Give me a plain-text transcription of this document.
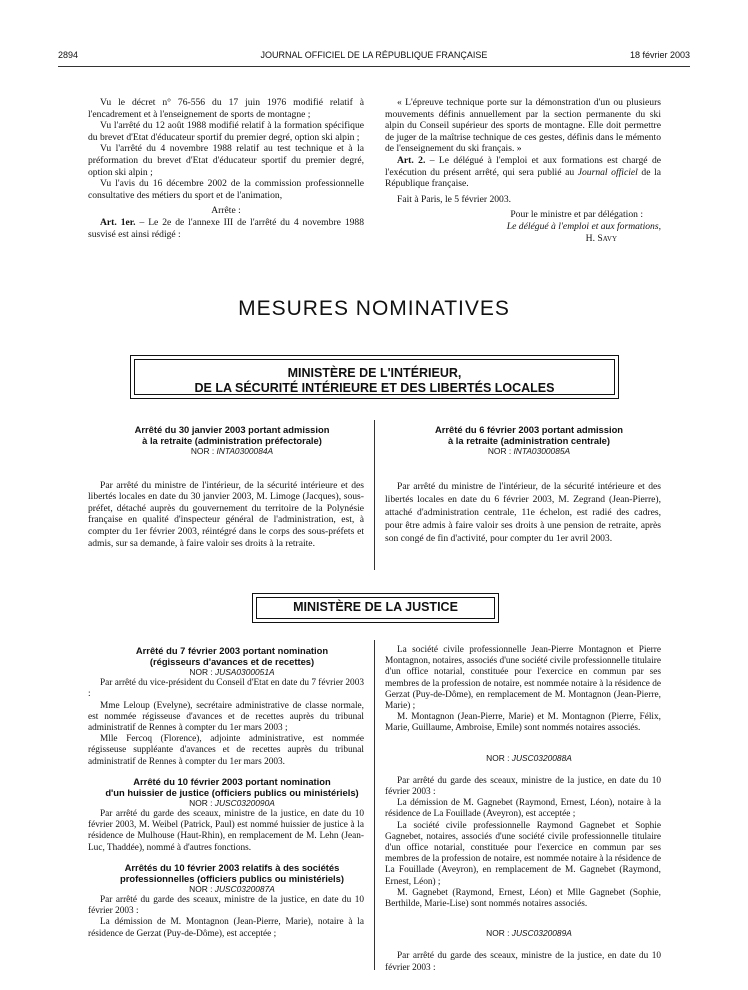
2894	JOURNAL OFFICIEL DE LA RÉPUBLIQUE FRANÇAISE	18 février 2003

Vu le décret n° 76-556 du 17 juin 1976 modifié relatif à l'encadrement et à l'enseignement de sports de montagne ;

Vu l'arrêté du 12 août 1988 modifié relatif à la formation spécifique du brevet d'Etat d'éducateur sportif du premier degré, option ski alpin ;

Vu l'arrêté du 4 novembre 1988 relatif au test technique et à la préformation du brevet d'Etat d'éducateur sportif du premier degré, option ski alpin ;

Vu l'avis du 16 décembre 2002 de la commission professionnelle consultative des métiers du sport et de l'animation,

Arrête :

Art. 1er. – Le 2e de l'annexe III de l'arrêté du 4 novembre 1988 susvisé est ainsi rédigé :

« L'épreuve technique porte sur la démonstration d'un ou plusieurs mouvements définis annuellement par la section permanente du ski alpin du Conseil supérieur des sports de montagne. Elle doit permettre de juger de la maîtrise technique de ces gestes, définis dans le mémento de l'enseignement du ski français. »

Art. 2. – Le délégué à l'emploi et aux formations est chargé de l'exécution du présent arrêté, qui sera publié au Journal officiel de la République française.

Fait à Paris, le 5 février 2003.

Pour le ministre et par délégation :

Le délégué à l'emploi et aux formations,

H. Savy

MESURES NOMINATIVES
MINISTÈRE DE L'INTÉRIEUR,
DE LA SÉCURITÉ INTÉRIEURE ET DES LIBERTÉS LOCALES

Arrêté du 30 janvier 2003 portant admission

à la retraite (administration préfectorale)

NOR : INTA0300084A

Par arrêté du ministre de l'intérieur, de la sécurité intérieure et des libertés locales en date du 30 janvier 2003, M. Limoge (Jacques), sous-préfet, détaché auprès du gouvernement du territoire de la Polynésie française en qualité d'inspecteur général de l'administration, est, à compter du 1er février 2003, réintégré dans le corps des sous-préfets et admis, sur sa demande, à faire valoir ses droits à la retraite.

Arrêté du 6 février 2003 portant admission

à la retraite (administration centrale)

NOR : INTA0300085A

Par arrêté du ministre de l'intérieur, de la sécurité intérieure et des libertés locales en date du 6 février 2003, M. Zegrand (Jean-Pierre), attaché d'administration centrale, 11e échelon, est radié des cadres, pour être admis à faire valoir ses droits à une pension de retraite, après son congé de fin d'activité, pour compter du 1er avril 2003.

MINISTÈRE DE LA JUSTICE

Arrêté du 7 février 2003 portant nomination

(régisseurs d'avances et de recettes)

NOR : JUSA0300051A

Par arrêté du vice-président du Conseil d'Etat en date du 7 février 2003 :

Mme Leloup (Evelyne), secrétaire administrative de classe normale, est nommée régisseuse d'avances et de recettes auprès du tribunal administratif de Rennes à compter du 1er mars 2003 ;

Mlle Fercoq (Florence), adjointe administrative, est nommée régisseuse suppléante d'avances et de recettes auprès du tribunal administratif de Rennes à compter du 1er mars 2003.

Arrêté du 10 février 2003 portant nomination

d'un huissier de justice (officiers publics ou ministériels)

NOR : JUSC0320090A

Par arrêté du garde des sceaux, ministre de la justice, en date du 10 février 2003, M. Weibel (Patrick, Paul) est nommé huissier de justice à la résidence de Mulhouse (Haut-Rhin), en remplacement de M. Lehn (Jean-Luc, Thaddée), nommé à d'autres fonctions.

Arrêtés du 10 février 2003 relatifs à des sociétés

professionnelles (officiers publics ou ministériels)

NOR : JUSC0320087A

Par arrêté du garde des sceaux, ministre de la justice, en date du 10 février 2003 :

La démission de M. Montagnon (Jean-Pierre, Marie), notaire à la résidence de Gerzat (Puy-de-Dôme), est acceptée ;

La société civile professionnelle Jean-Pierre Montagnon et Pierre Montagnon, notaires, associés d'une société civile professionnelle titulaire d'un office notarial, constituée pour l'exercice en commun par ses membres de la profession de notaire, est nommée notaire à la résidence de Gerzat (Puy-de-Dôme), en remplacement de M. Montagnon (Jean-Pierre, Marie) ;

M. Montagnon (Jean-Pierre, Marie) et M. Montagnon (Pierre, Félix, Marie, Guillaume, Ambroise, Emile) sont nommés notaires associés.

NOR : JUSC0320088A

Par arrêté du garde des sceaux, ministre de la justice, en date du 10 février 2003 :

La démission de M. Gagnebet (Raymond, Ernest, Léon), notaire à la résidence de La Fouillade (Aveyron), est acceptée ;

La société civile professionnelle Raymond Gagnebet et Sophie Gagnebet, notaires, associés d'une société civile professionnelle titulaire d'un office notarial, constituée pour l'exercice en commun par ses membres de la profession de notaire, est nommée notaire à la résidence de La Fouillade (Aveyron), en remplacement de M. Gagnebet (Raymond, Ernest, Léon) ;

M. Gagnebet (Raymond, Ernest, Léon) et Mlle Gagnebet (Sophie, Berthilde, Marie-Lise) sont nommés notaires associés.

NOR : JUSC0320089A

Par arrêté du garde des sceaux, ministre de la justice, en date du 10 février 2003 :
